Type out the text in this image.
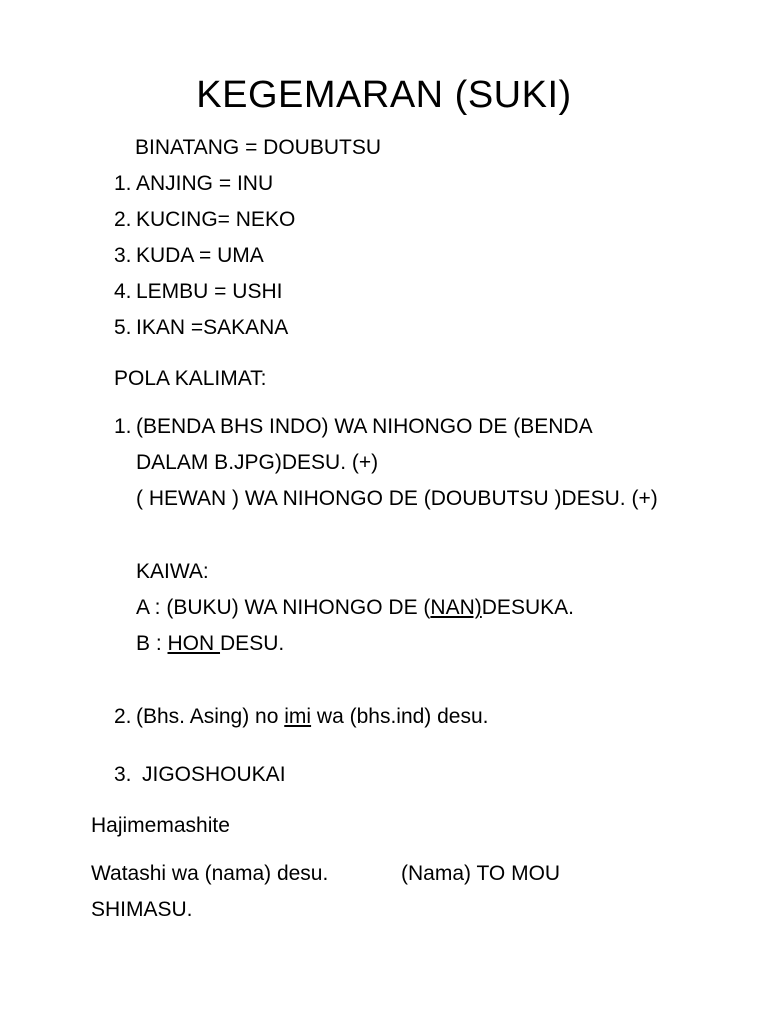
KEGEMARAN (SUKI)
BINATANG = DOUBUTSU
1. ANJING = INU
2. KUCING= NEKO
3. KUDA = UMA
4. LEMBU = USHI
5. IKAN =SAKANA
POLA KALIMAT:
1. (BENDA BHS INDO) WA NIHONGO DE (BENDA
DALAM B.JPG)DESU. (+)
( HEWAN ) WA NIHONGO DE (DOUBUTSU )DESU. (+)
KAIWA:
A : (BUKU) WA NIHONGO DE (NAN)DESUKA.
B : HON DESU.
2. (Bhs. Asing) no imi wa (bhs.ind) desu.
3. JIGOSHOUKAI
Hajimemashite
Watashi wa (nama) desu.	(Nama) TO MOU
SHIMASU.
